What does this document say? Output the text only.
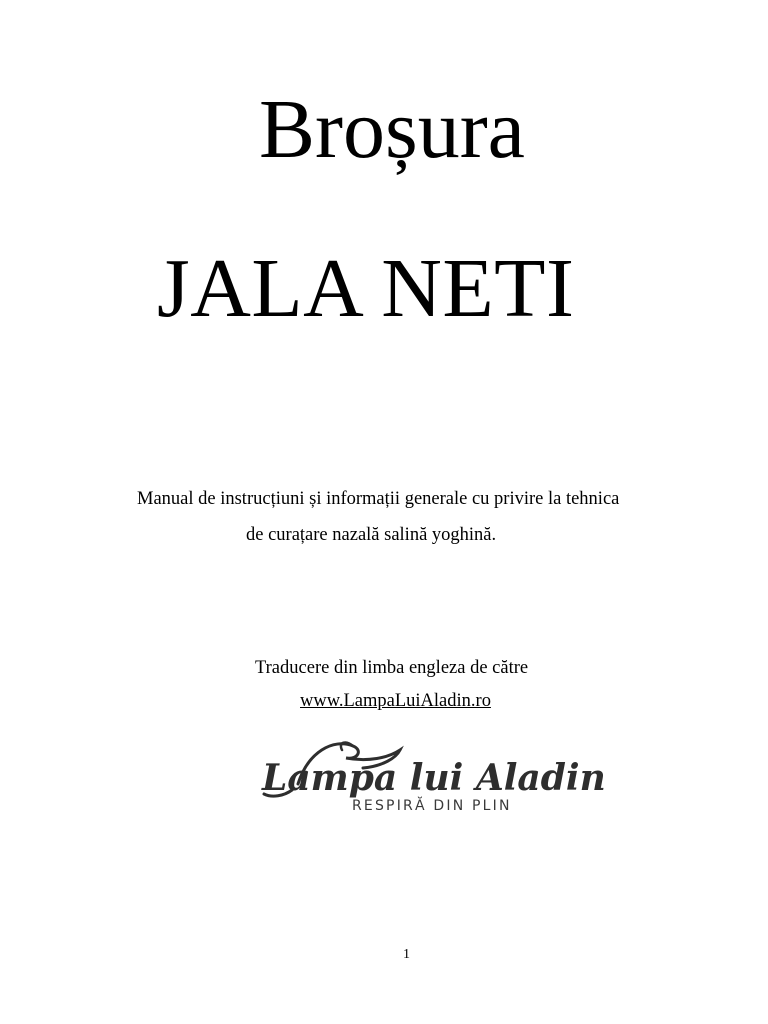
Broșura
JALA NETI
Manual de instrucțiuni și informații generale cu privire la tehnica
de curațare nazală salină yoghină.
Traducere din limba engleza de către
www.LampaLuiAladin.ro
Lampa lui Aladin
RESPIRĂ DIN PLIN
1
